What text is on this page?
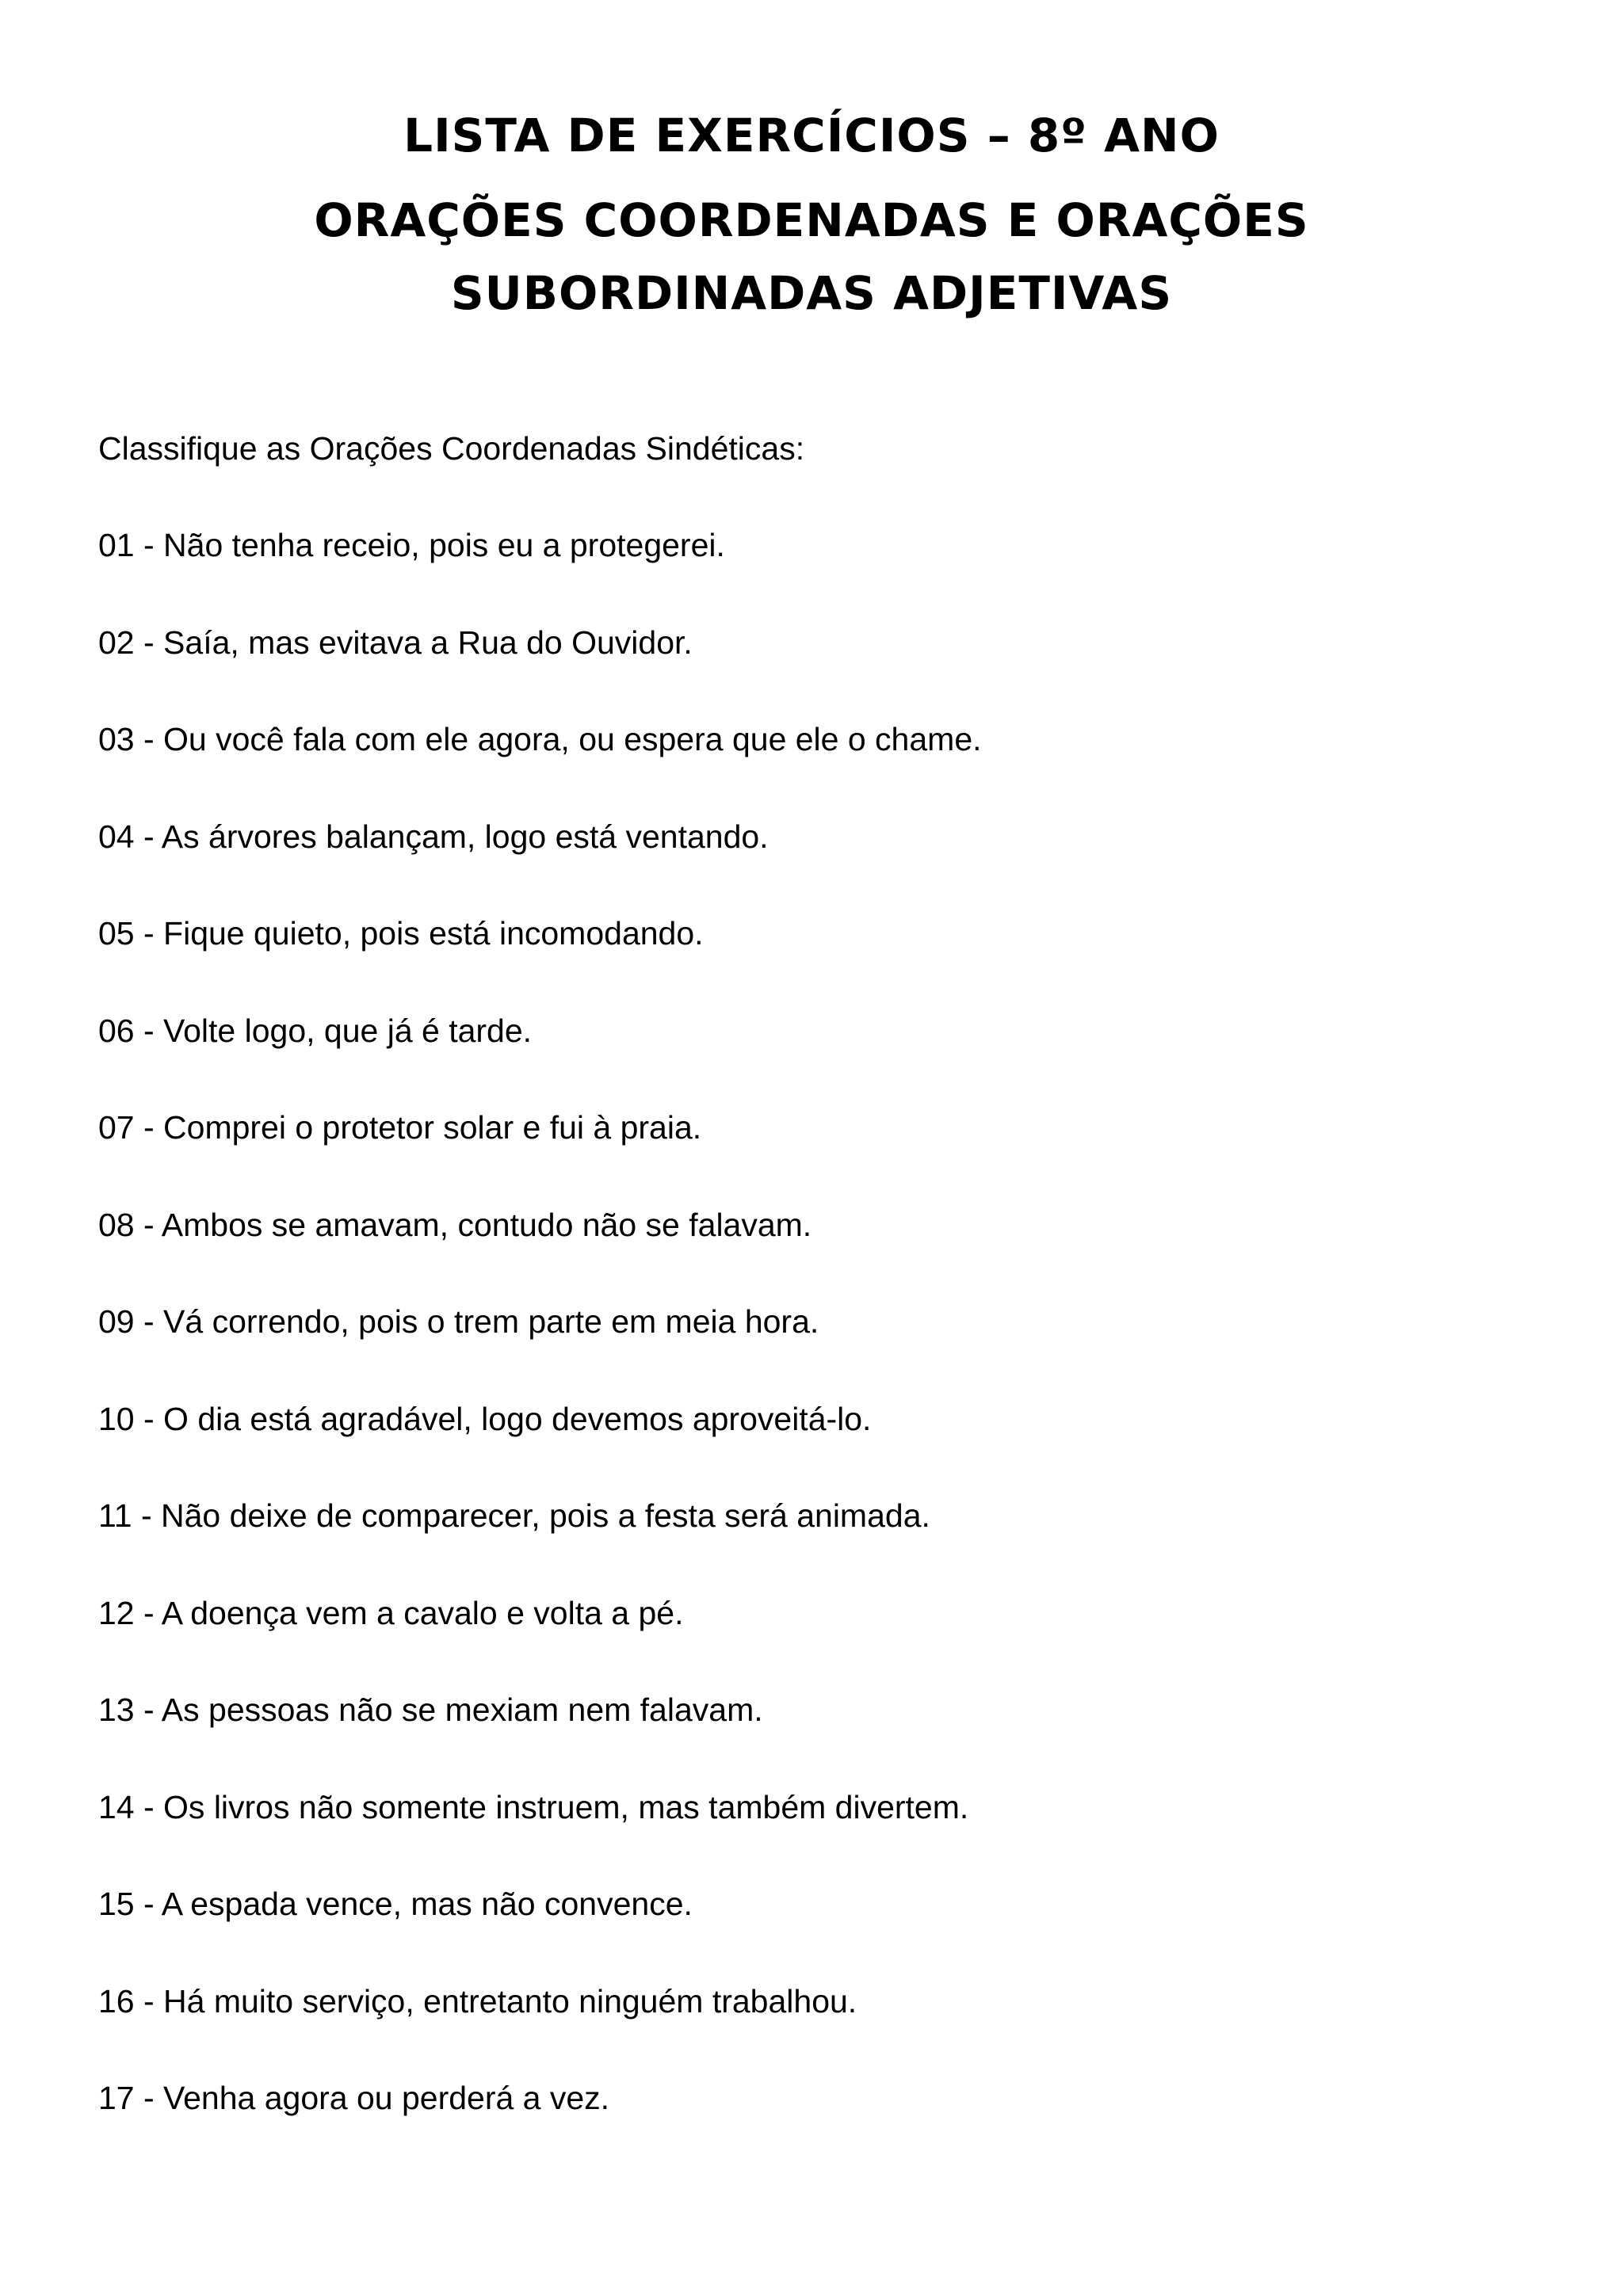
LISTA DE EXERCÍCIOS – 8º ANO
ORAÇÕES COORDENADAS E ORAÇÕES SUBORDINADAS ADJETIVAS
Classifique as Orações Coordenadas Sindéticas:
01 - Não tenha receio, pois eu a protegerei.
02 - Saía, mas evitava a Rua do Ouvidor.
03 - Ou você fala com ele agora, ou espera que ele o chame.
04 - As árvores balançam, logo está ventando.
05 - Fique quieto, pois está incomodando.
06 - Volte logo, que já é tarde.
07 - Comprei o protetor solar e fui à praia.
08 - Ambos se amavam, contudo não se falavam.
09 - Vá correndo, pois o trem parte em meia hora.
10 - O dia está agradável, logo devemos aproveitá-lo.
11 - Não deixe de comparecer, pois a festa será animada.
12 - A doença vem a cavalo e volta a pé.
13 - As pessoas não se mexiam nem falavam.
14 - Os livros não somente instruem, mas também divertem.
15 - A espada vence, mas não convence.
16 - Há muito serviço, entretanto ninguém trabalhou.
17 - Venha agora ou perderá a vez.
